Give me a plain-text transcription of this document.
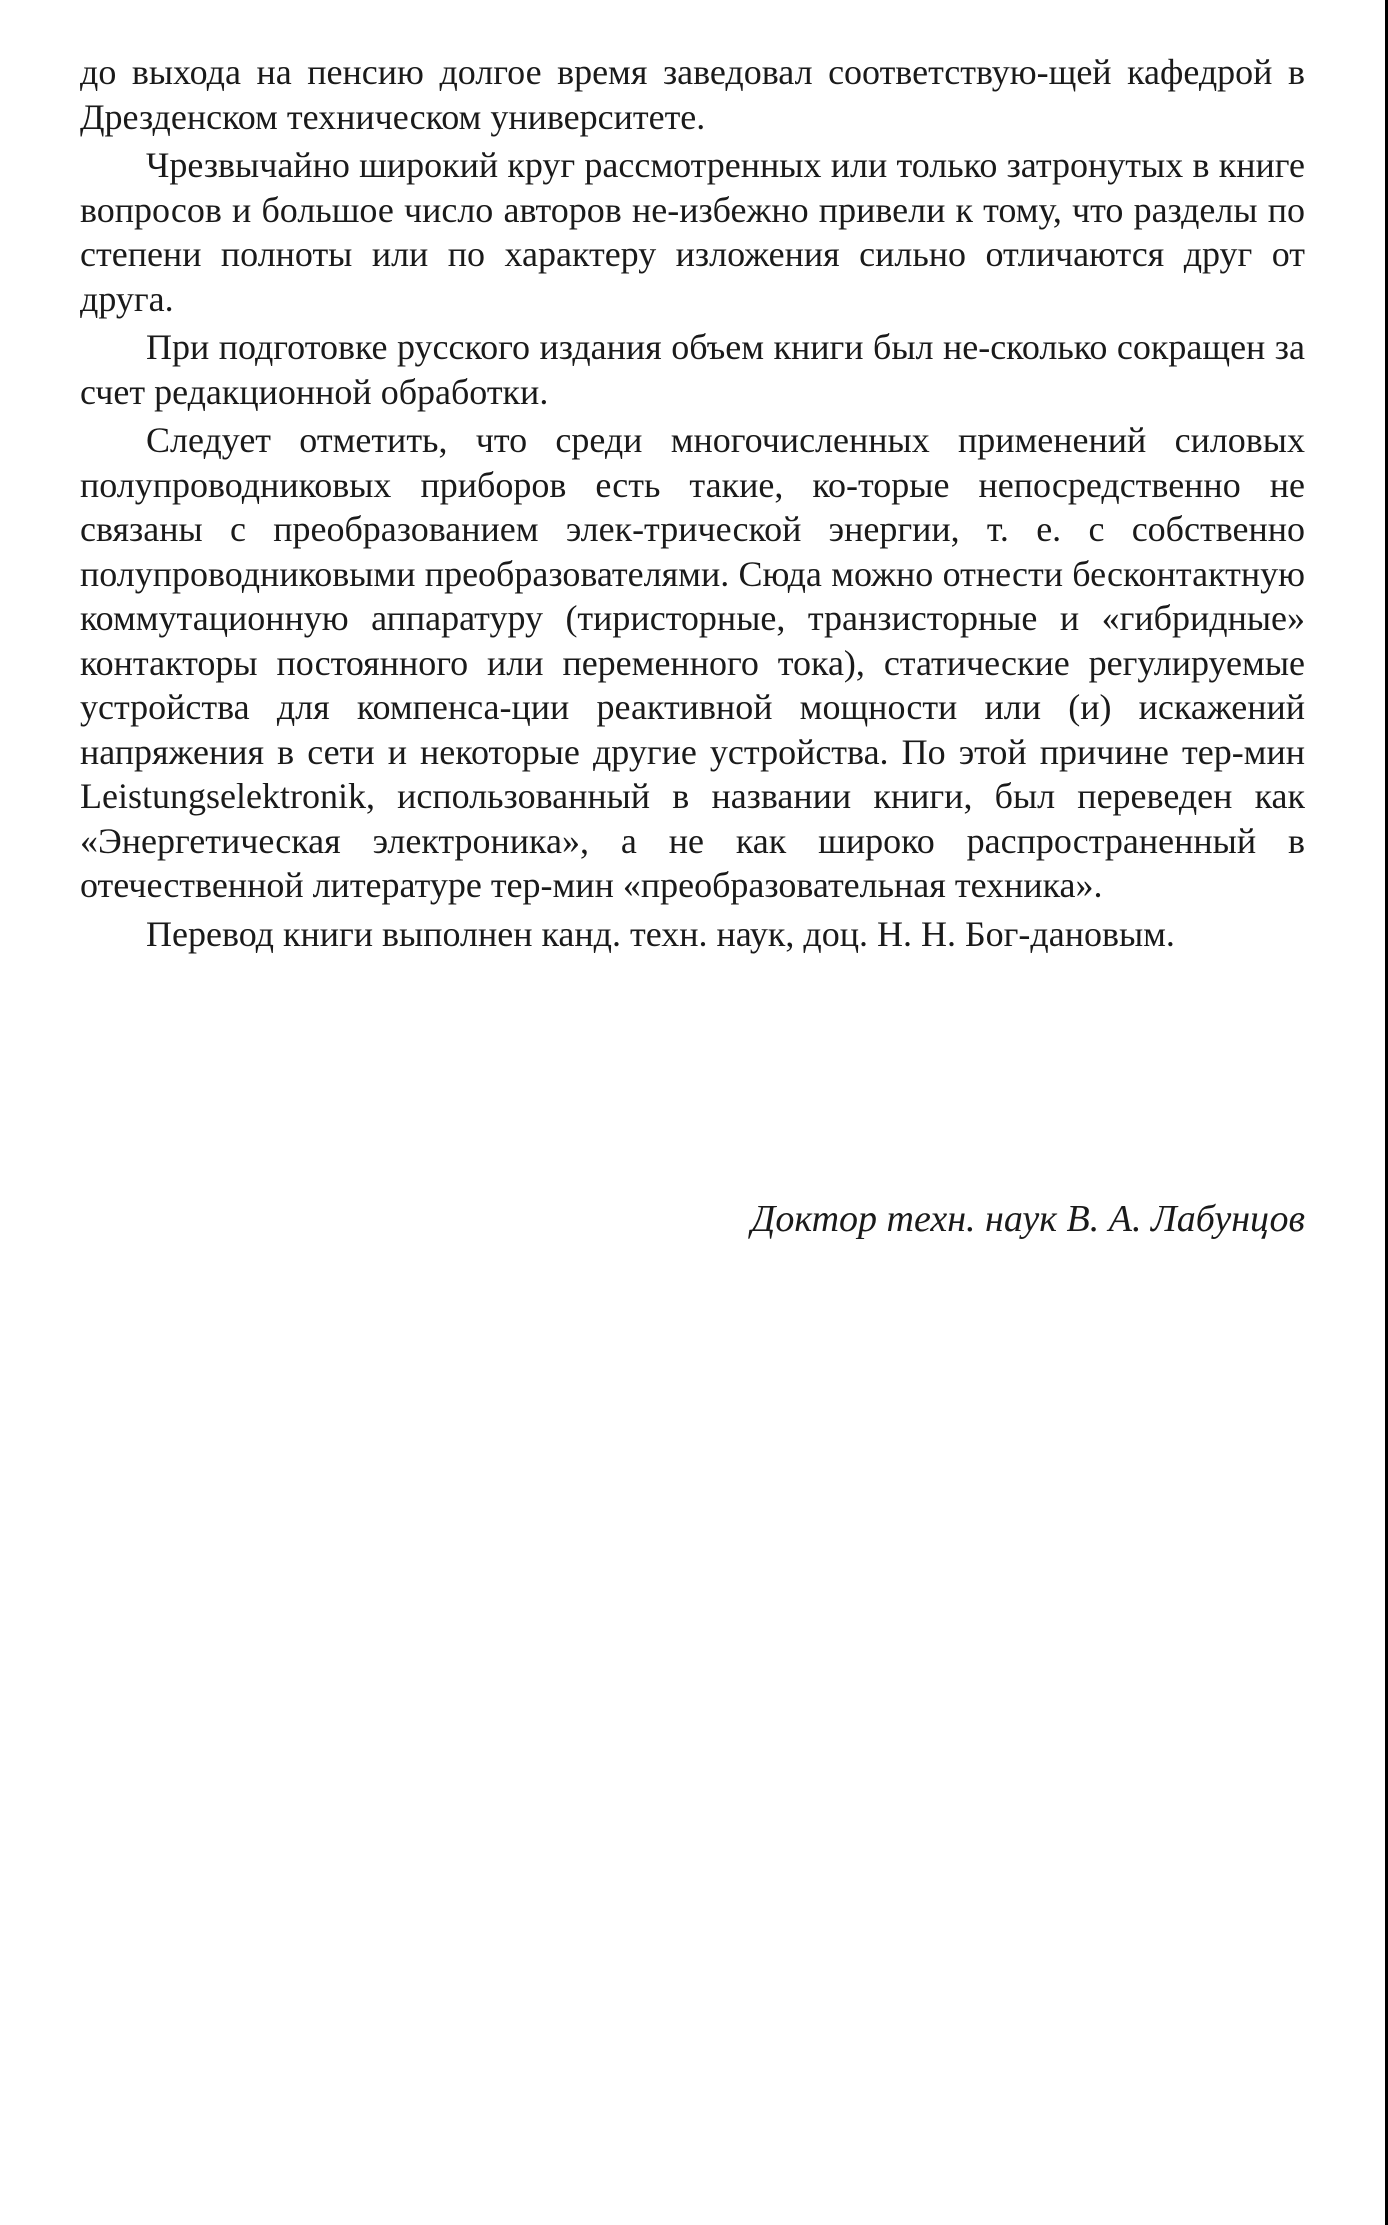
до выхода на пенсию долгое время заведовал соответствую-щей кафедрой в Дрезденском техническом университете.

Чрезвычайно широкий круг рассмотренных или только затронутых в книге вопросов и большое число авторов не-избежно привели к тому, что разделы по степени полноты или по характеру изложения сильно отличаются друг от друга.

При подготовке русского издания объем книги был не-сколько сокращен за счет редакционной обработки.

Следует отметить, что среди многочисленных применений силовых полупроводниковых приборов есть такие, ко-торые непосредственно не связаны с преобразованием элек-трической энергии, т. е. с собственно полупроводниковыми преобразователями. Сюда можно отнести бесконтактную коммутационную аппаратуру (тиристорные, транзисторные и «гибридные» контакторы постоянного или переменного тока), статические регулируемые устройства для компенса-ции реактивной мощности или (и) искажений напряжения в сети и некоторые другие устройства. По этой причине тер-мин Leistungselektronik, использованный в названии книги, был переведен как «Энергетическая электроника», а не как широко распространенный в отечественной литературе тер-мин «преобразовательная техника».

Перевод книги выполнен канд. техн. наук, доц. Н. Н. Бог-дановым.

Доктор техн. наук В. А. Лабунцов
